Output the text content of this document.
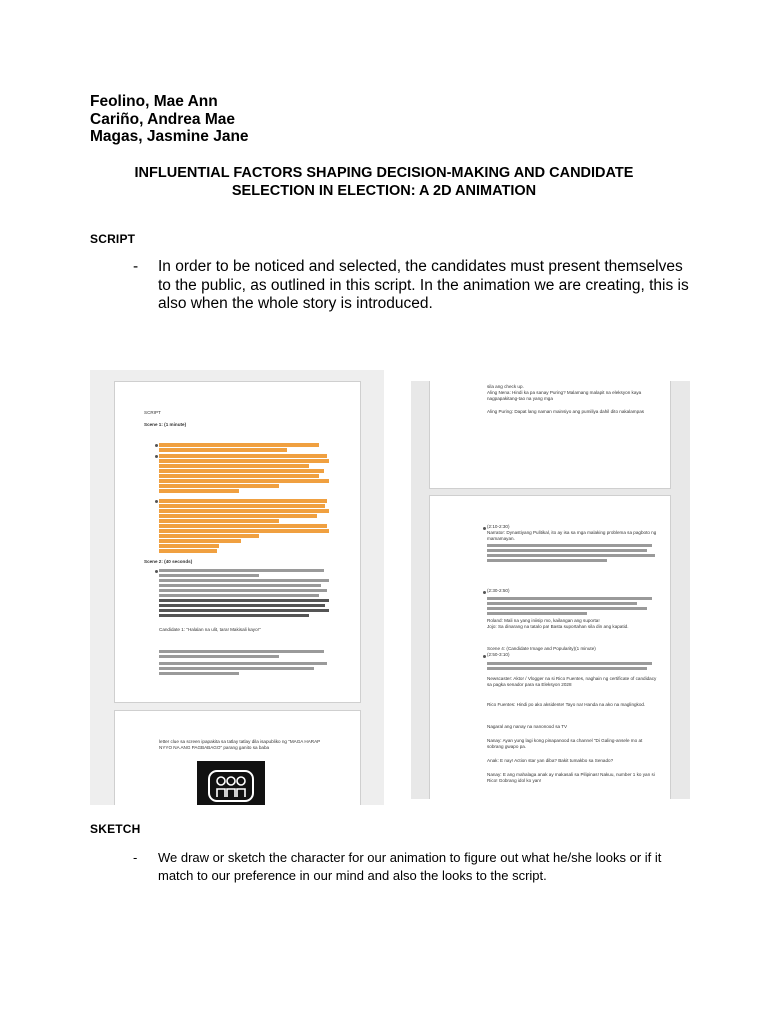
Feolino, Mae Ann
Cariño, Andrea Mae
Magas, Jasmine Jane
INFLUENTIAL FACTORS SHAPING DECISION-MAKING AND CANDIDATE
SELECTION IN ELECTION: A 2D ANIMATION
SCRIPT
-	In order to be noticed and selected, the candidates must present themselves to the public, as outlined in this script. In the animation we are creating, this is also when the whole story is introduced.
SCRIPT
Scene 1: (1 minute)
Scene 2: (40 seconds)
Candidate 1: "Halalan na ulit, tara! Makisali kayo!"
letter clue sa screen ipapakita sa tatlay tatlay dila isapubliko ng "MAGA HARAP NYYO NA ANG PAGBABAGO" parang ganito sa baba
sila ang check up.
Aling Nena: Hindi ka pa sanay Puring? Malamang malapit na eleksyon kaya nagpapakitang-tao na yang mga
Aling Puring: Dapat lang naman mainsiyo ang pumiliya dahil dito nakalampas
(2:10-2:30)
Narrator: Dynastiyang Pulitikal, ito ay isa sa mga malaking problema sa pagboto ng mamamayan.
(2:30-2:50)
Roland: Mali na yang iniisip mo, kailangan ang suporta!
Jojo: Sa dinarang na tatalo pa! Basta suportahan sila din ang kapatid.
Scene 4: (Candidate Image and Popularity)(1 minute)
(2:50-3:10)
Newscaster: Aktor / Vlogger na si Rico Fuentes, naghain ng certificate of candidacy sa pagka senador para sa Eleksyon 2028
Rico Fuentes: Hindi po ako aksidente! Tayo na! Handa na ako na maglingkod.
Nagaral ang nanay na nanonood sa TV
Nanay: Ayan yung lagi kong pinapanood sa channel "Di Galing-ansele mo at sobrang gwapo pa.
Anak: E nay! Action star yan diba? Bakit tumakbo sa Senado?
Nanay: E ang mahalaga anak ay makasali sa Pilipinas! Nakuu, number 1 ko yan si Rico! Gobrang idol ko yan!
SKETCH
-	We draw or sketch the character for our animation to figure out what he/she looks or if it match to our preference in our mind and also the looks to the script.
